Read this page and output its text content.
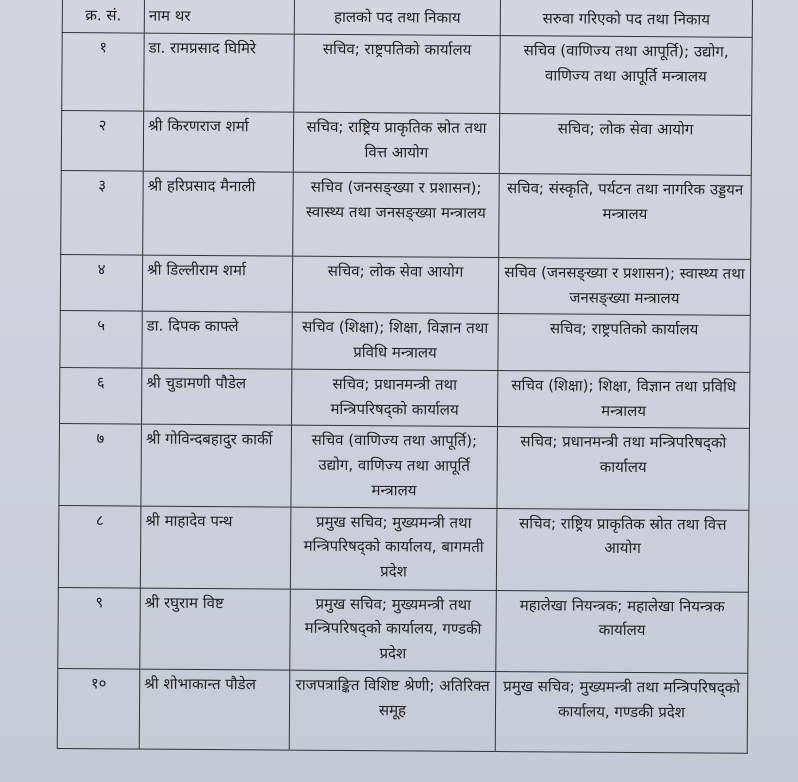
क्र. सं.	नाम थर	हालको पद तथा निकाय	सरुवा गरिएको पद तथा निकाय
१	डा. रामप्रसाद घिमिरे	सचिव; राष्ट्रपतिको कार्यालय	सचिव (वाणिज्य तथा आपूर्ति); उद्योग, वाणिज्य तथा आपूर्ति मन्त्रालय
२	श्री किरणराज शर्मा	सचिव; राष्ट्रिय प्राकृतिक स्रोत तथा वित्त आयोग	सचिव; लोक सेवा आयोग
३	श्री हरिप्रसाद मैनाली	सचिव (जनसङ्ख्या र प्रशासन); स्वास्थ्य तथा जनसङ्ख्या मन्त्रालय	सचिव; संस्कृति, पर्यटन तथा नागरिक उड्डयन मन्त्रालय
४	श्री डिल्लीराम शर्मा	सचिव; लोक सेवा आयोग	सचिव (जनसङ्ख्या र प्रशासन); स्वास्थ्य तथा जनसङ्ख्या मन्त्रालय
५	डा. दिपक काफ्ले	सचिव (शिक्षा); शिक्षा, विज्ञान तथा प्रविधि मन्त्रालय	सचिव; राष्ट्रपतिको कार्यालय
६	श्री चुडामणी पौडेल	सचिव; प्रधानमन्त्री तथा मन्त्रिपरिषद्को कार्यालय	सचिव (शिक्षा); शिक्षा, विज्ञान तथा प्रविधि मन्त्रालय
७	श्री गोविन्दबहादुर कार्की	सचिव (वाणिज्य तथा आपूर्ति); उद्योग, वाणिज्य तथा आपूर्ति मन्त्रालय	सचिव; प्रधानमन्त्री तथा मन्त्रिपरिषद्को कार्यालय
८	श्री माहादेव पन्थ	प्रमुख सचिव; मुख्यमन्त्री तथा मन्त्रिपरिषद्को कार्यालय, बागमती प्रदेश	सचिव; राष्ट्रिय प्राकृतिक स्रोत तथा वित्त आयोग
९	श्री रघुराम विष्ट	प्रमुख सचिव; मुख्यमन्त्री तथा मन्त्रिपरिषद्को कार्यालय, गण्डकी प्रदेश	महालेखा नियन्त्रक; महालेखा नियन्त्रक कार्यालय
१०	श्री शोभाकान्त पौडेल	राजपत्राङ्कित विशिष्ट श्रेणी; अतिरिक्त समूह	प्रमुख सचिव; मुख्यमन्त्री तथा मन्त्रिपरिषद्को कार्यालय, गण्डकी प्रदेश
